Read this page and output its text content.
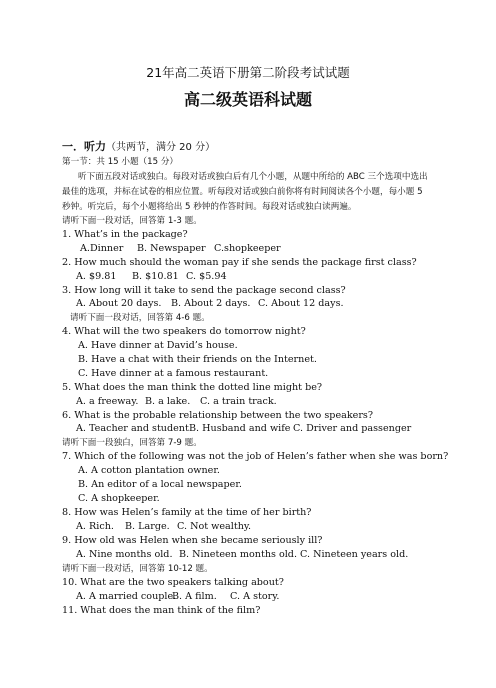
21年高二英语下册第二阶段考试试题
高二级英语科试题
一．听力（共两节，满分 20 分）
第一节：共 15 小题（15 分）
听下面五段对话或独白。每段对话或独白后有几个小题，从题中所给的 ABC 三个选项中选出
最佳的选项，并标在试卷的相应位置。听每段对话或独白前你将有时间阅读各个小题，每小题 5
秒钟。听完后，每个小题将给出 5 秒钟的作答时间。每段对话或独白读两遍。
请听下面一段对话，回答第 1-3 题。
1. What’s in the package?
A.Dinner B. Newspaper C.shopkeeper
2. How much should the woman pay if she sends the package first class?
A. $9.81 B. $10.81 C. $5.94
3. How long will it take to send the package second class?
A. About 20 days. B. About 2 days. C. About 12 days.
请听下面一段对话，回答第 4-6 题。
4. What will the two speakers do tomorrow night?
A. Have dinner at David’s house.
B. Have a chat with their friends on the Internet.
C. Have dinner at a famous restaurant.
5. What does the man think the dotted line might be?
A. a freeway. B. a lake. C. a train track.
6. What is the probable relationship between the two speakers?
A. Teacher and studentB. Husband and wife C. Driver and passenger
请听下面一段独白，回答第 7-9 题。
7. Which of the following was not the job of Helen’s father when she was born?
A. A cotton plantation owner.
B. An editor of a local newspaper.
C. A shopkeeper.
8. How was Helen’s family at the time of her birth?
A. Rich. B. Large. C. Not wealthy.
9. How old was Helen when she became seriously ill?
A. Nine months old. B. Nineteen months old. C. Nineteen years old.
请听下面一段对话，回答第 10-12 题。
10. What are the two speakers talking about?
A. A married couple.B. A film. C. A story.
11. What does the man think of the film?
